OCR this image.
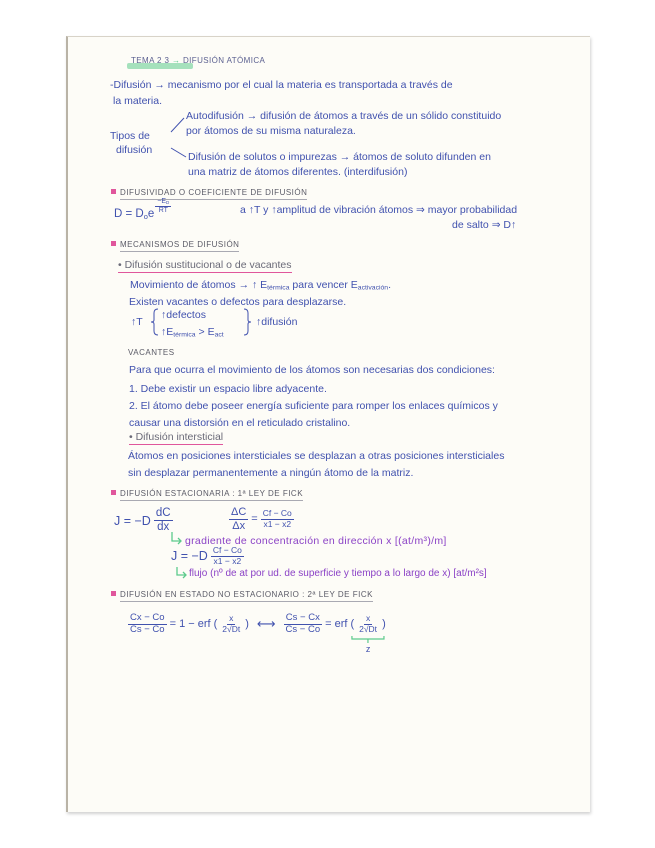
TEMA 2 3 → DIFUSIÓN ATÓMICA
-Difusión → mecanismo por el cual la materia es transportada a través de
la materia.
Autodifusión → difusión de átomos a través de un sólido constituido
por átomos de su misma naturaleza.
Tipos de
difusión
Difusión de solutos o impurezas → átomos de soluto difunden en
una matriz de átomos diferentes. (interdifusión)
DIFUSIVIDAD O COEFICIENTE DE DIFUSIÓN
$D = D_oe \frac{-E_D}{RT}$	a ↑T y ↑amplitud de vibración átomos ⇒ mayor probabilidad
de salto ⇒ D↑
MECANISMOS DE DIFUSIÓN
• Difusión sustitucional o de vacantes
Movimiento de átomos → ↑ $E_{térmica}$ para vencer $E_{activación}$.
Existen vacantes o defectos para desplazarse.
↑T
↑defectos
$↑E_{térmica} > E_{act}$
↑difusión
VACANTES
Para que ocurra el movimiento de los átomos son necesarias dos condiciones:
1. Debe existir un espacio libre adyacente.
2. El átomo debe poseer energía suficiente para romper los enlaces químicos y
causar una distorsión en el reticulado cristalino.
• Difusión intersticial
Átomos en posiciones intersticiales se desplazan a otras posiciones intersticiales
sin desplazar permanentemente a ningún átomo de la matriz.
DIFUSIÓN ESTACIONARIA : 1ª LEY DE FICK
$J = -D \frac{dC}{dx}$	$\frac{\Delta C}{\Delta x} = \frac{Cf - Co}{x1 - x2}$
gradiente de concentración en dirección x [(at/m³)/m]
$J = -D \frac{Cf - Co}{x1 - x2}$
flujo (nº de at por ud. de superficie y tiempo a lo largo de x) [at/m²s]
DIFUSIÓN EN ESTADO NO ESTACIONARIO : 2ª LEY DE FICK
$\frac{Cx - Co}{Cs - Co} = 1$ − erf ( $\frac{x}{2√Dt}$ ) ⟷ $\frac{Cs - Cx}{Cs - Co}$ = erf (
x
2√Dt
z
)
